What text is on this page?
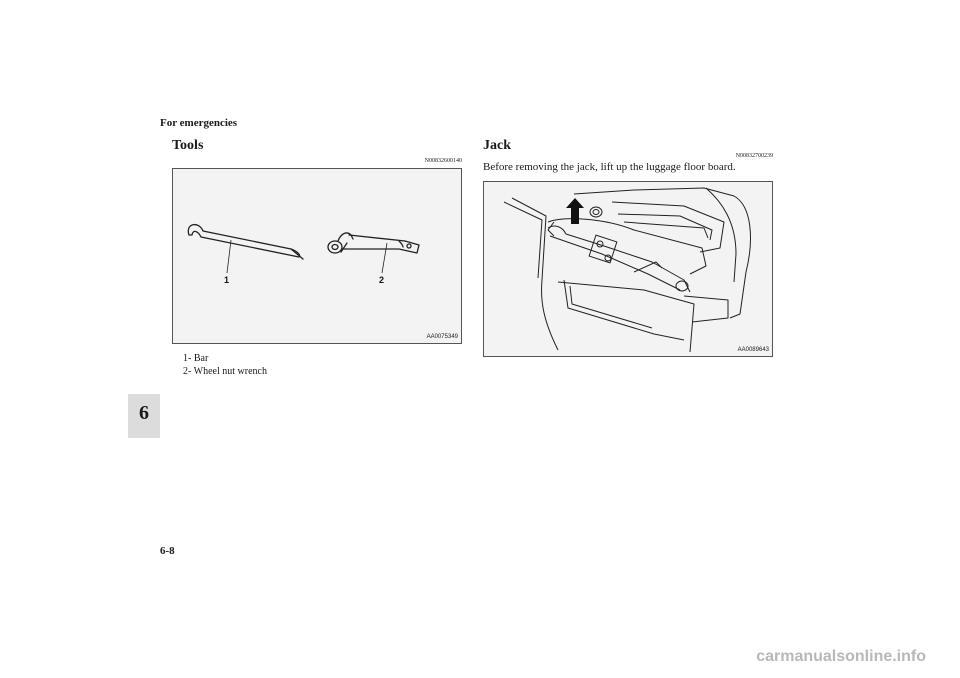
For emergencies
6
Tools
N00832600140
1	2
AA0075349
1- Bar
2- Wheel nut wrench
Jack
N00832700239
Before removing the jack, lift up the luggage floor board.
AA0089643
6-8
carmanualsonline.info
